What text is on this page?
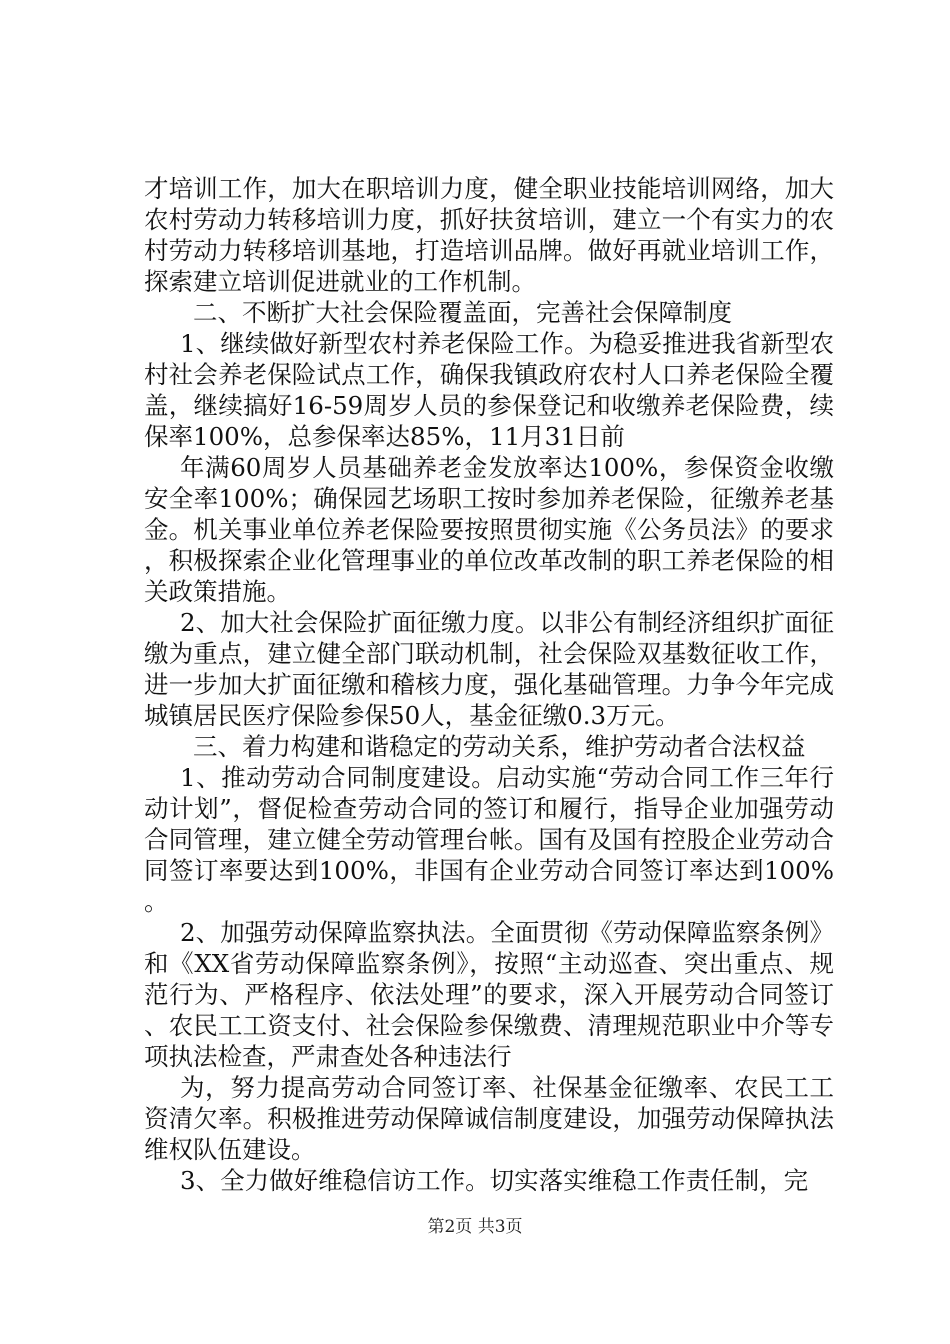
才培训工作，加大在职培训力度，健全职业技能培训网络，加大农村劳动力转移培训力度，抓好扶贫培训，建立一个有实力的农村劳动力转移培训基地，打造培训品牌。做好再就业培训工作，探索建立培训促进就业的工作机制。

二、不断扩大社会保险覆盖面，完善社会保障制度

1、继续做好新型农村养老保险工作。为稳妥推进我省新型农村社会养老保险试点工作，确保我镇政府农村人口养老保险全覆盖，继续搞好16-59周岁人员的参保登记和收缴养老保险费，续保率100%，总参保率达85%，11月31日前

年满60周岁人员基础养老金发放率达100%，参保资金收缴安全率100%；确保园艺场职工按时参加养老保险，征缴养老基金。机关事业单位养老保险要按照贯彻实施《公务员法》的要求，积极探索企业化管理事业的单位改革改制的职工养老保险的相关政策措施。

2、加大社会保险扩面征缴力度。以非公有制经济组织扩面征缴为重点，建立健全部门联动机制，社会保险双基数征收工作，进一步加大扩面征缴和稽核力度，强化基础管理。力争今年完成城镇居民医疗保险参保50人，基金征缴0.3万元。

三、着力构建和谐稳定的劳动关系，维护劳动者合法权益

1、推动劳动合同制度建设。启动实施“劳动合同工作三年行动计划”，督促检查劳动合同的签订和履行，指导企业加强劳动合同管理，建立健全劳动管理台帐。国有及国有控股企业劳动合同签订率要达到100%，非国有企业劳动合同签订率达到100%。

2、加强劳动保障监察执法。全面贯彻《劳动保障监察条例》和《XX省劳动保障监察条例》，按照“主动巡查、突出重点、规范行为、严格程序、依法处理”的要求，深入开展劳动合同签订、农民工工资支付、社会保险参保缴费、清理规范职业中介等专项执法检查，严肃查处各种违法行

为，努力提高劳动合同签订率、社保基金征缴率、农民工工资清欠率。积极推进劳动保障诚信制度建设，加强劳动保障执法维权队伍建设。

3、全力做好维稳信访工作。切实落实维稳工作责任制，完

第2页 共3页
